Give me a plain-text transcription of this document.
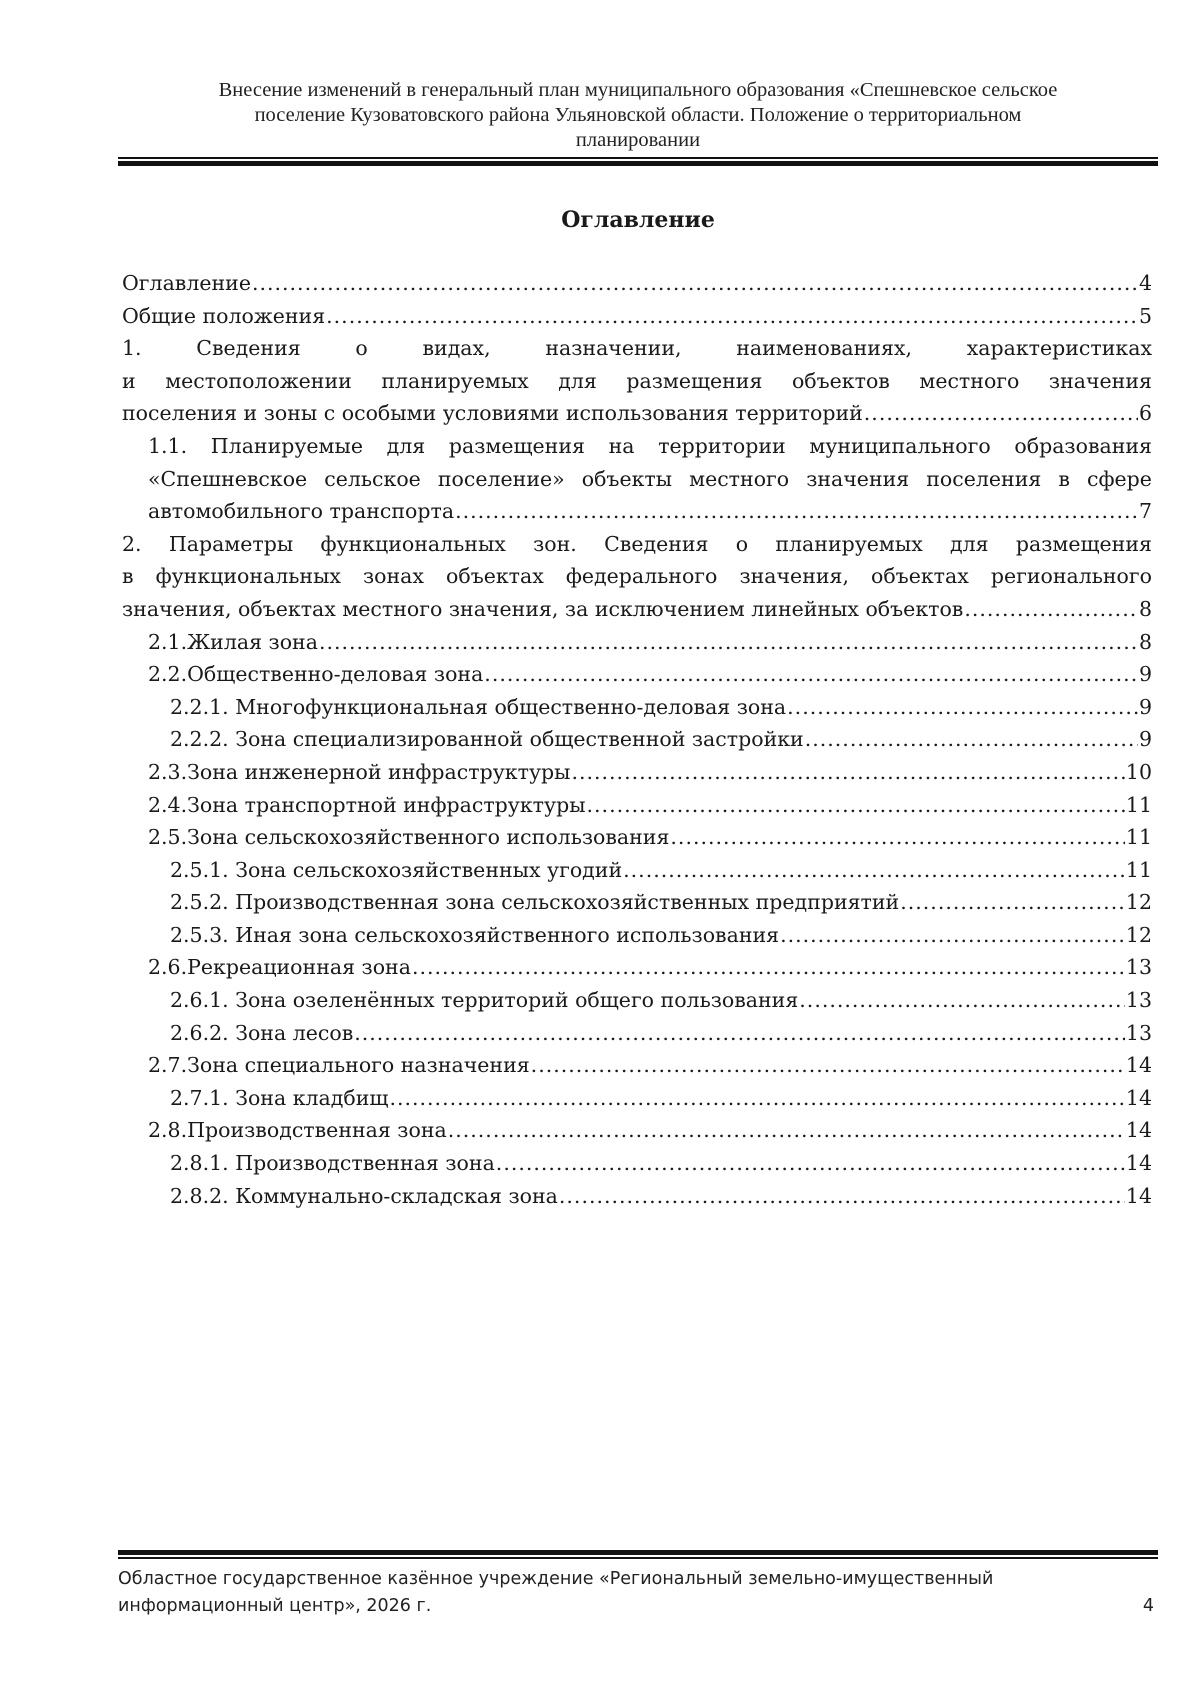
Внесение изменений в генеральный план муниципального образования «Спешневское сельское
поселение Кузоватовского района Ульяновской области. Положение о территориальном
планировании
Оглавление
Оглавление .....	4
Общие положения .....	5
1.	Сведения	о	видах,	назначении,	наименованиях,	характеристиках
и местоположении планируемых для размещения объектов местного значения
поселения и зоны с особыми условиями использования территорий .....	6
1.1. Планируемые для размещения на территории муниципального образования
«Спешневское сельское поселение» объекты местного значения поселения в сфере
автомобильного транспорта .....	7
2. Параметры функциональных зон. Сведения о планируемых для размещения
в функциональных зонах объектах федерального значения, объектах регионального
значения, объектах местного значения, за исключением линейных объектов .....	8
2.1. Жилая зона .....	8
2.2. Общественно-деловая зона .....	9
2.2.1. Многофункциональная общественно-деловая зона .....	9
2.2.2. Зона специализированной общественной застройки .....	9
2.3. Зона инженерной инфраструктуры .....	10
2.4. Зона транспортной инфраструктуры .....	11
2.5. Зона сельскохозяйственного использования .....	11
2.5.1. Зона сельскохозяйственных угодий .....	11
2.5.2. Производственная зона сельскохозяйственных предприятий .....	12
2.5.3. Иная зона сельскохозяйственного использования .....	12
2.6. Рекреационная зона .....	13
2.6.1. Зона озеленённых территорий общего пользования .....	13
2.6.2. Зона лесов .....	13
2.7. Зона специального назначения .....	14
2.7.1. Зона кладбищ .....	14
2.8. Производственная зона .....	14
2.8.1. Производственная зона .....	14
2.8.2. Коммунально-складская зона .....	14
Областное государственное казённое учреждение «Региональный земельно-имущественный
информационный центр», 2026 г.	4
